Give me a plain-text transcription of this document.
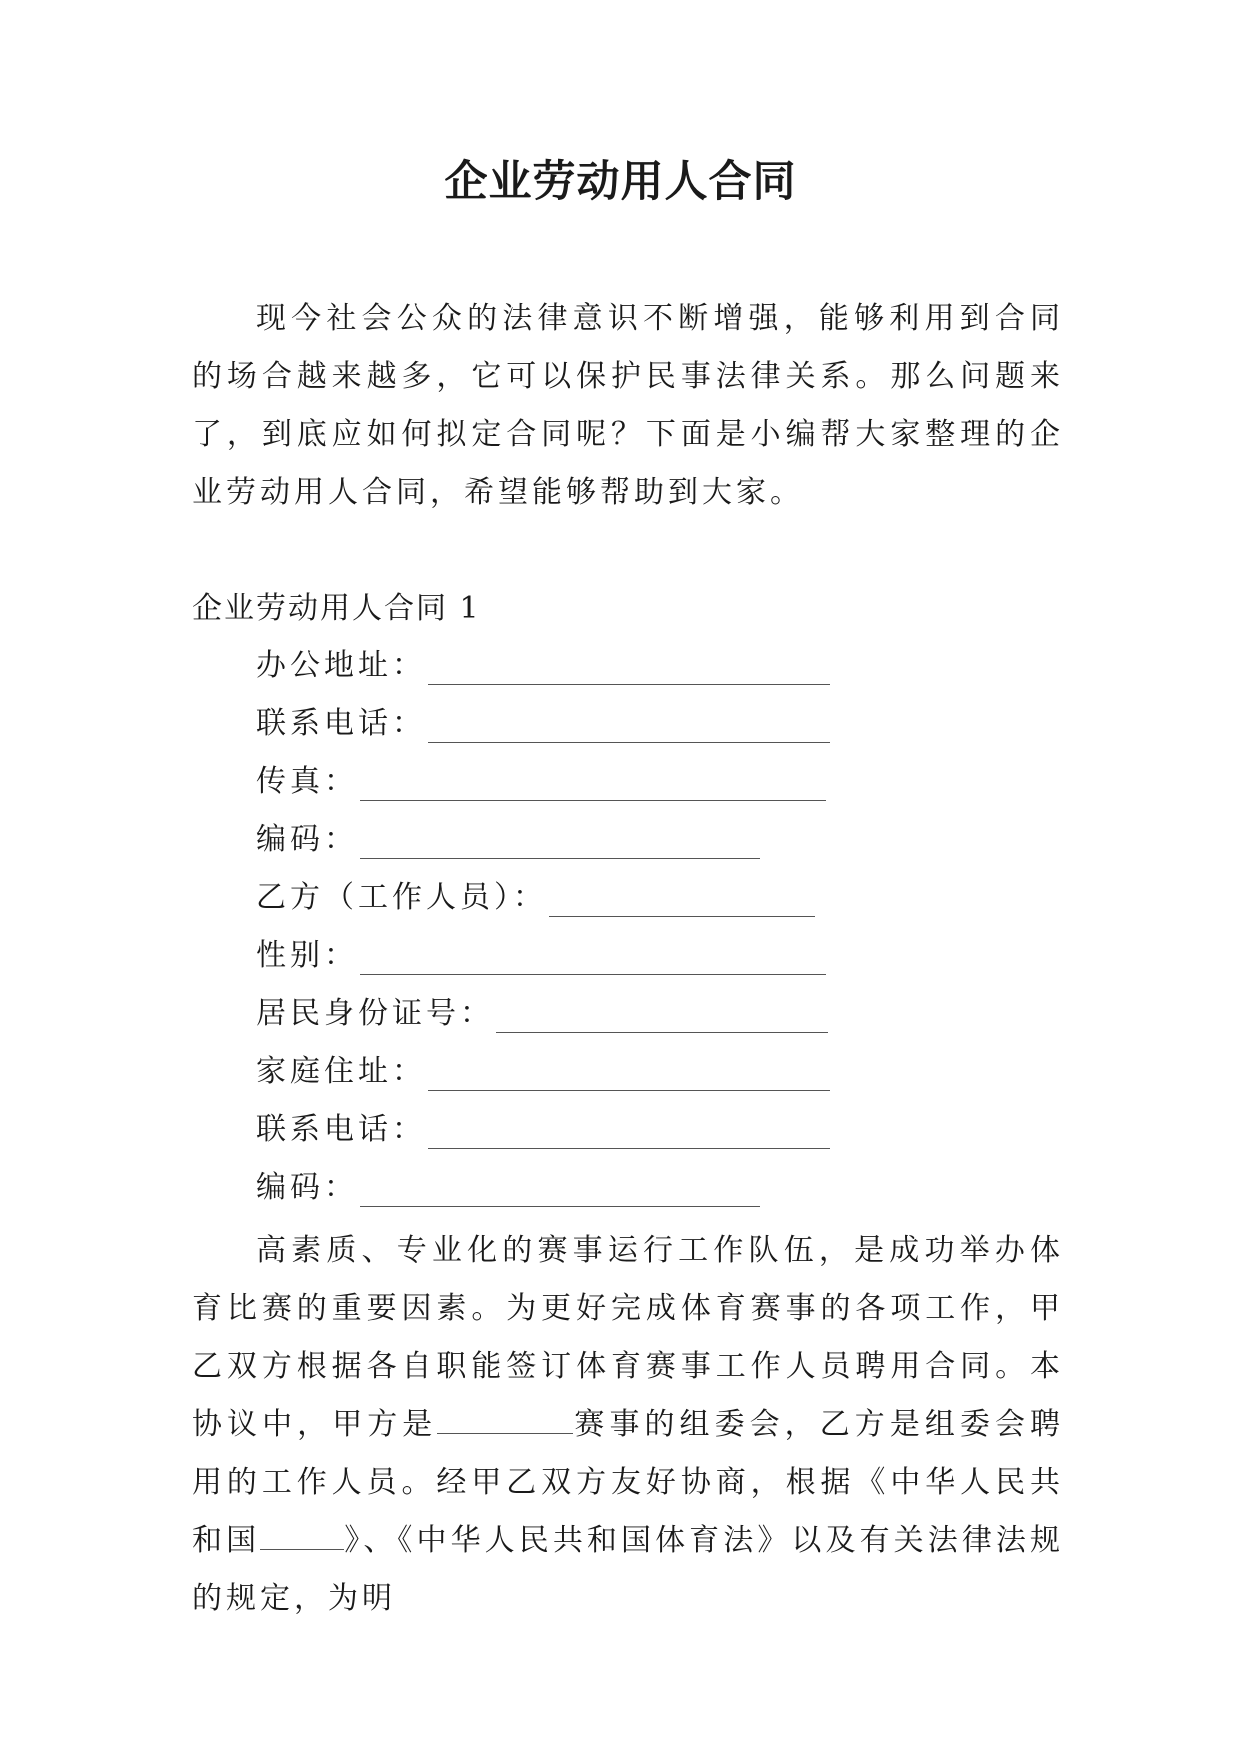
企业劳动用人合同

现今社会公众的法律意识不断增强，能够利用到合同的场合越来越多，它可以保护民事法律关系。那么问题来了，到底应如何拟定合同呢？下面是小编帮大家整理的企业劳动用人合同，希望能够帮助到大家。

企业劳动用人合同 1
办公地址：
联系电话：
传真：
编码：
乙方（工作人员）：
性别：
居民身份证号：
家庭住址：
联系电话：
编码：

高素质、专业化的赛事运行工作队伍，是成功举办体育比赛的重要因素。为更好完成体育赛事的各项工作，甲乙双方根据各自职能签订体育赛事工作人员聘用合同。本协议中，甲方是	赛事的组委会，乙方是组委会聘用的工作人员。经甲乙双方友好协商，根据《中华人民共和国	》、《中华人民共和国体育法》以及有关法律法规的规定，为明
